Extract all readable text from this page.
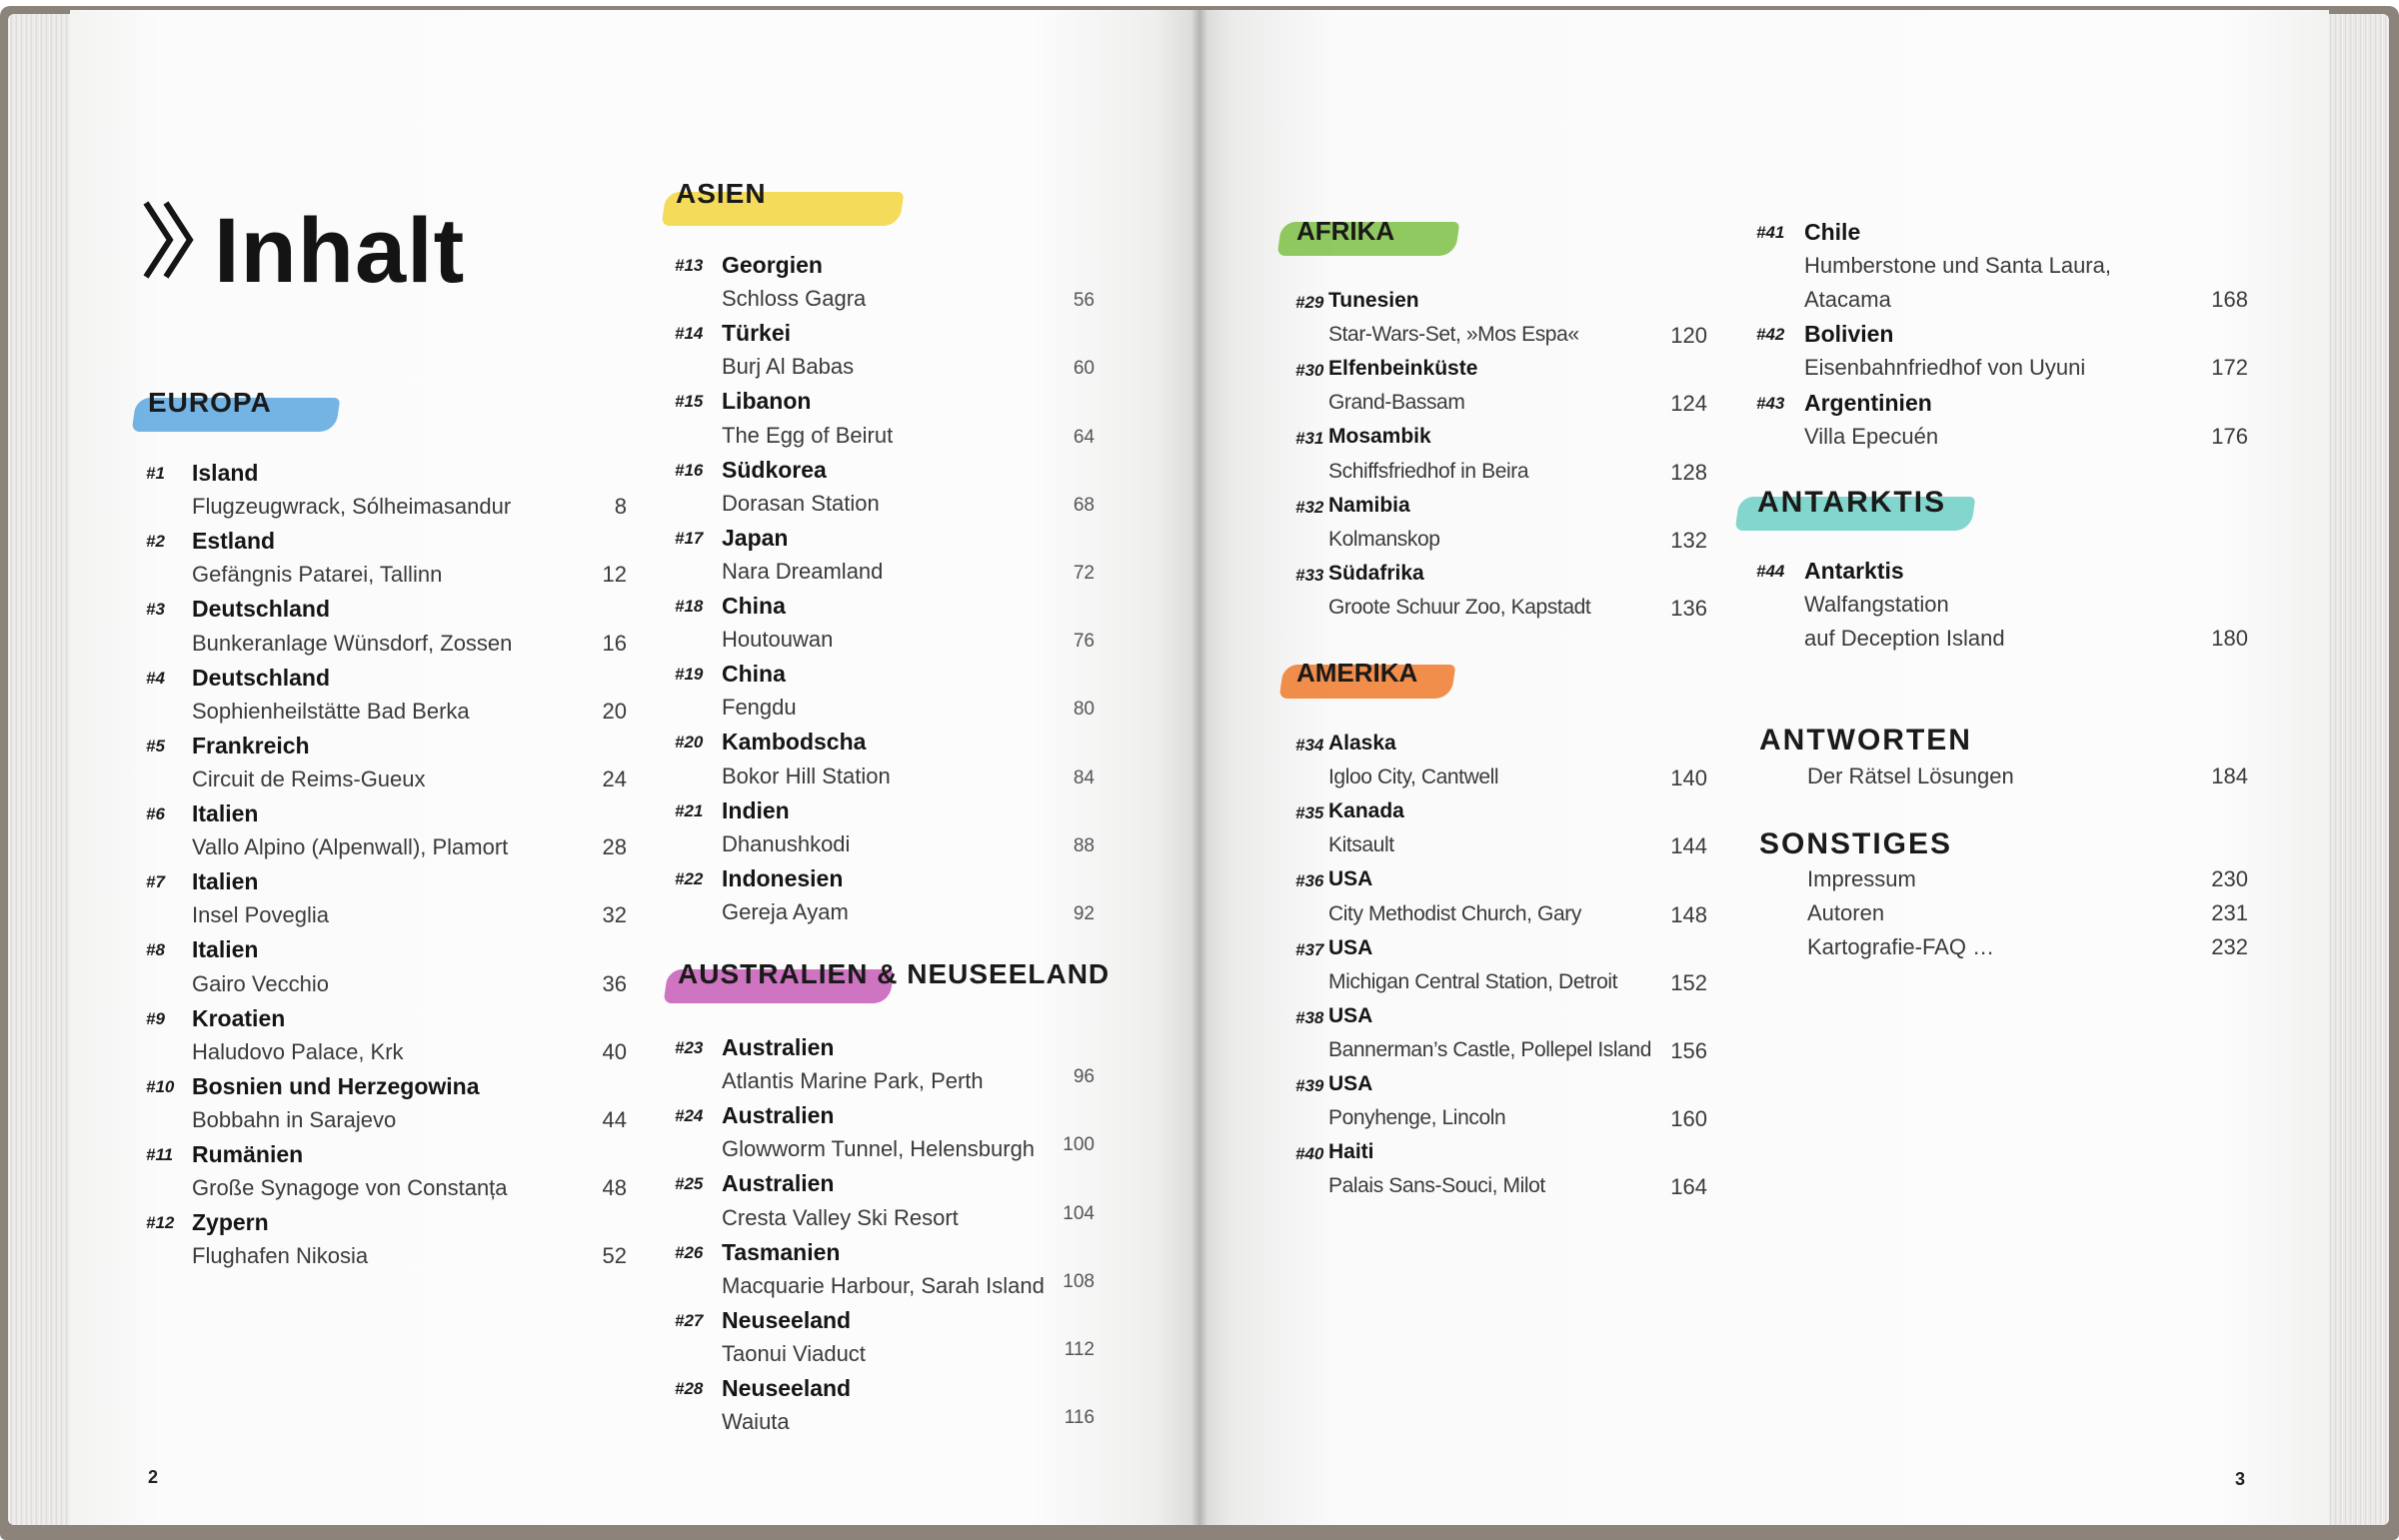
Inhalt
EUROPA
ASIEN
AUSTRALIEN & NEUSEELAND
AFRIKA
AMERIKA
ANTARKTIS
ANTWORTEN
SONSTIGES
#1 Island
Flugzeugwrack, Sólheimasandur	8
#2 Estland
Gefängnis Patarei, Tallinn	12
#3 Deutschland
Bunkeranlage Wünsdorf, Zossen	16
#4 Deutschland
Sophienheilstätte Bad Berka	20
#5 Frankreich
Circuit de Reims-Gueux	24
#6 Italien
Vallo Alpino (Alpenwall), Plamort	28
#7 Italien
Insel Poveglia	32
#8 Italien
Gairo Vecchio	36
#9 Kroatien
Haludovo Palace, Krk	40
#10 Bosnien und Herzegowina
Bobbahn in Sarajevo	44
#11 Rumänien
Große Synagoge von Constanța	48
#12 Zypern
Flughafen Nikosia	52
#13 Georgien
Schloss Gagra	56
#14 Türkei
Burj Al Babas	60
#15 Libanon
The Egg of Beirut	64
#16 Südkorea
Dorasan Station	68
#17 Japan
Nara Dreamland	72
#18 China
Houtouwan	76
#19 China
Fengdu	80
#20 Kambodscha
Bokor Hill Station	84
#21 Indien
Dhanushkodi	88
#22 Indonesien
Gereja Ayam	92
#23 Australien
Atlantis Marine Park, Perth	96
#24 Australien
Glowworm Tunnel, Helensburgh	100
#25 Australien
Cresta Valley Ski Resort	104
#26 Tasmanien
Macquarie Harbour, Sarah Island 108
#27 Neuseeland
Taonui Viaduct	112
#28 Neuseeland
Waiuta	116
#29 Tunesien
Star-Wars-Set, »Mos Espa«	120
#30 Elfenbeinküste
Grand-Bassam	124
#31 Mosambik
Schiffsfriedhof in Beira	128
#32 Namibia
Kolmanskop	132
#33 Südafrika
Groote Schuur Zoo, Kapstadt	136
#34 Alaska
Igloo City, Cantwell	140
#35 Kanada
Kitsault	144
#36 USA
City Methodist Church, Gary	148
#37 USA
Michigan Central Station, Detroit	152
#38 USA
Bannerman’s Castle, Pollepel Island 156
#39 USA
Ponyhenge, Lincoln	160
#40 Haiti
Palais Sans-Souci, Milot	164
#41 Chile
Humberstone und Santa Laura,
Atacama	168
#42 Bolivien
Eisenbahnfriedhof von Uyuni	172
#43 Argentinien
Villa Epecuén	176
#44 Antarktis
Walfangstation
auf Deception Island	180
Der Rätsel Lösungen	184
Impressum	230
Autoren	231
Kartografie-FAQ …	232
2	3
